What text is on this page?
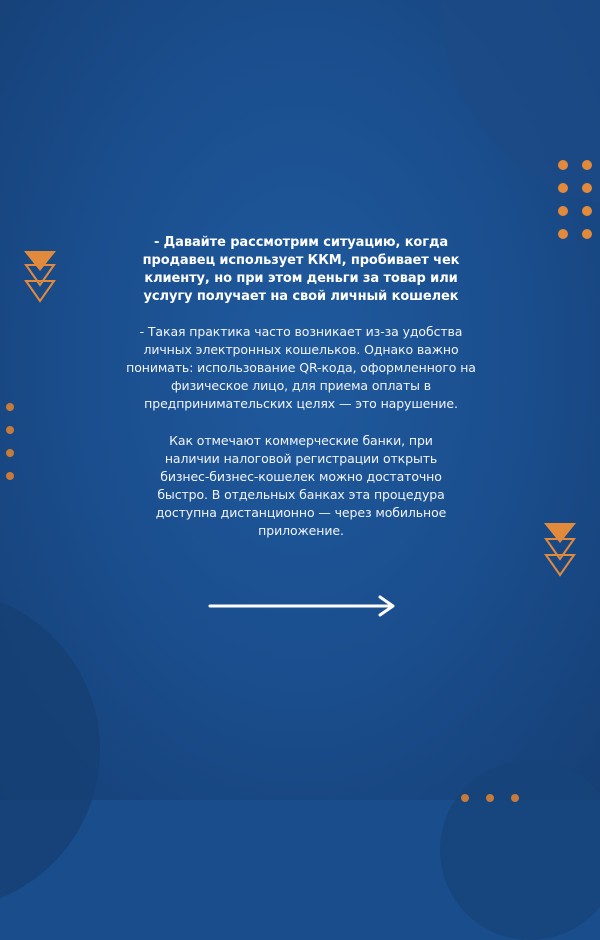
- Давайте рассмотрим ситуацию, когда продавец использует ККМ, пробивает чек клиенту, но при этом деньги за товар или услугу получает на свой личный кошелек

- Такая практика часто возникает из-за удобства личных электронных кошельков. Однако важно понимать: использование QR-кода, оформленного на физическое лицо, для приема оплаты в предпринимательских целях — это нарушение.

Как отмечают коммерческие банки, при наличии налоговой регистрации открыть бизнес-бизнес-кошелек можно достаточно быстро. В отдельных банках эта процедура доступна дистанционно — через мобильное приложение.
